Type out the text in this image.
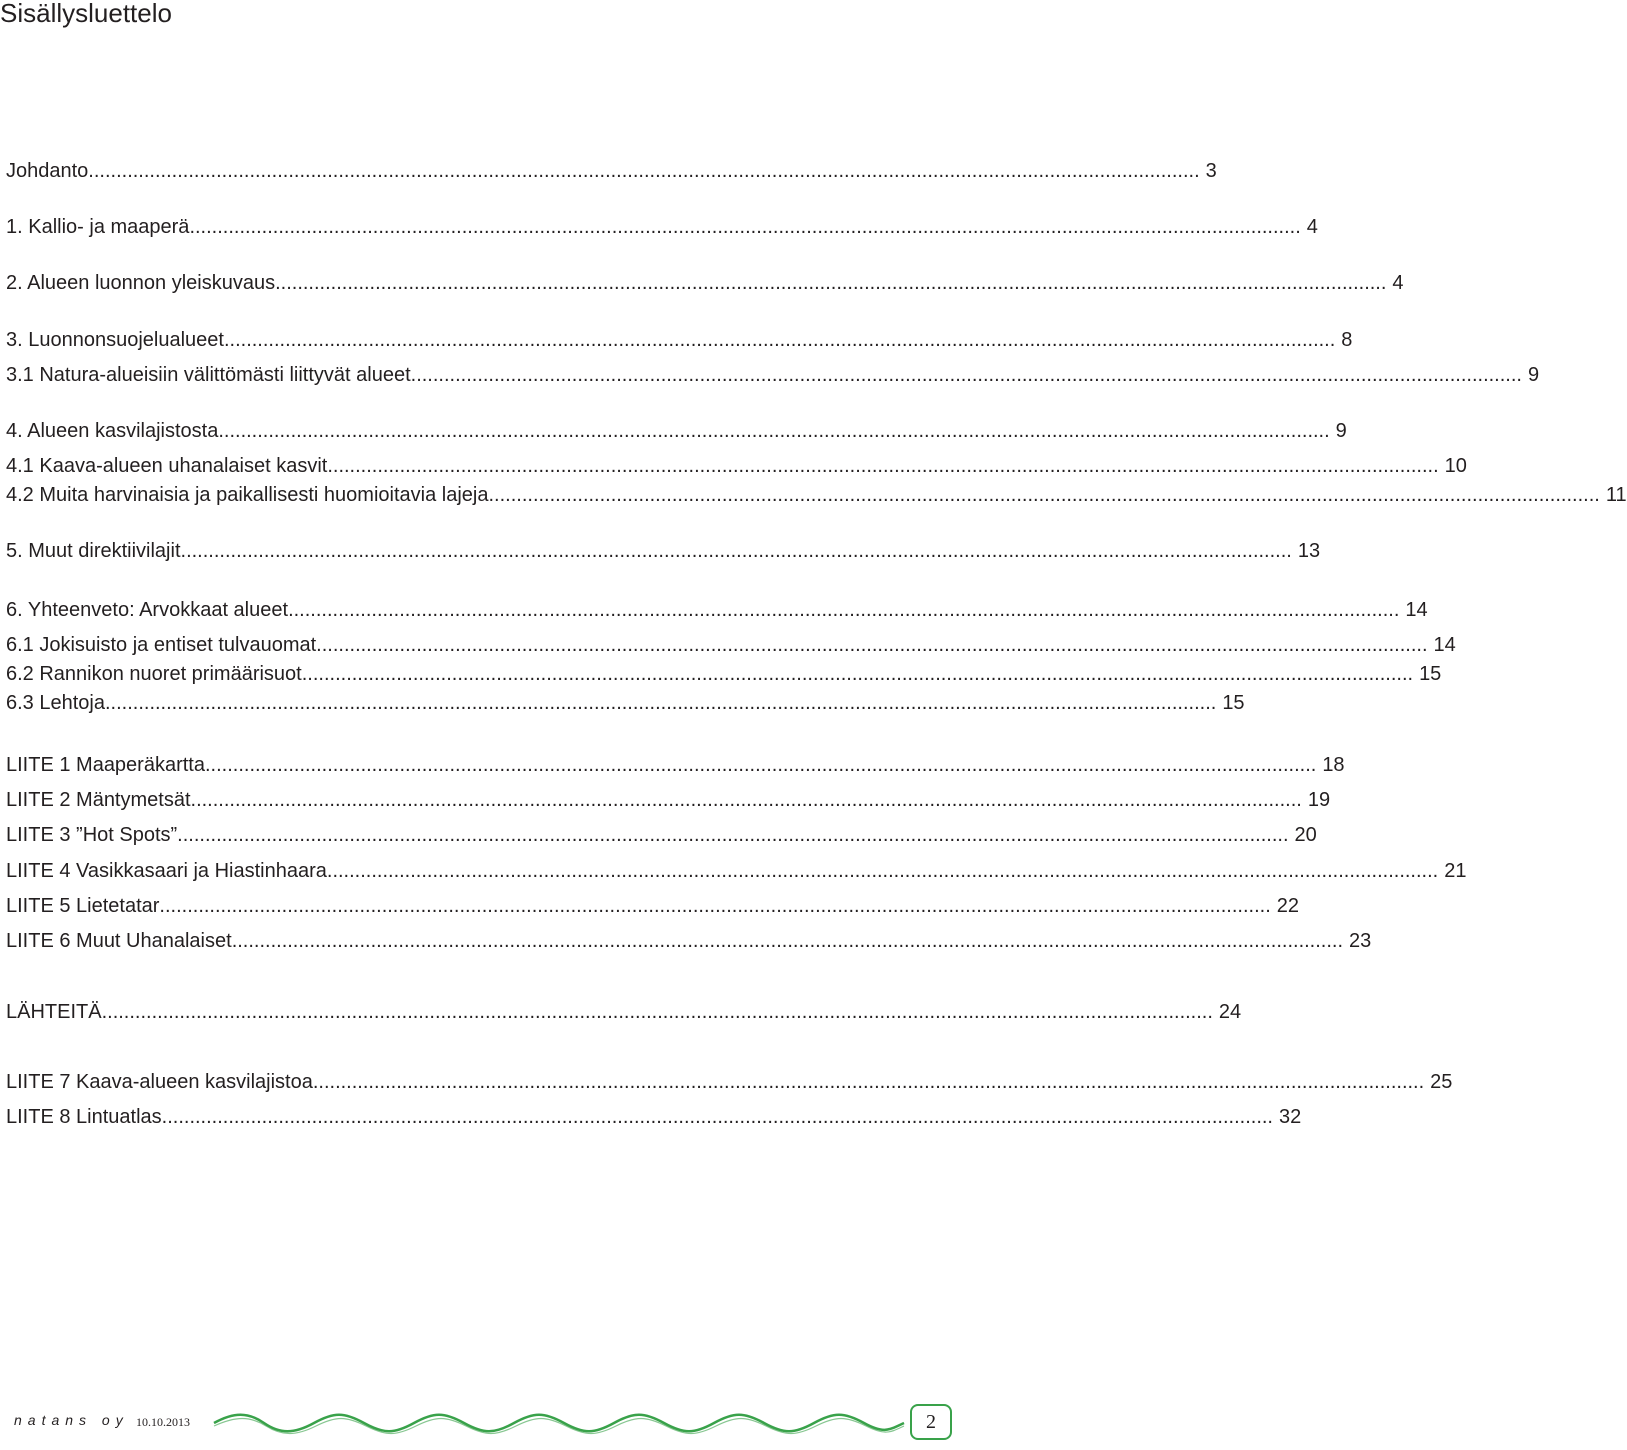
Sisällysluettelo
Johdanto ........................................................................................................................................................................................................ 3
1. Kallio- ja maaperä ........................................................................................................................................................................................................ 4
2. Alueen luonnon yleiskuvaus ........................................................................................................................................................................................................ 4
3. Luonnonsuojelualueet ........................................................................................................................................................................................................ 8
3.1 Natura-alueisiin välittömästi liittyvät alueet ........................................................................................................................................................................................................ 9
4. Alueen kasvilajistosta ........................................................................................................................................................................................................ 9
4.1 Kaava-alueen uhanalaiset kasvit ........................................................................................................................................................................................................ 10
4.2 Muita harvinaisia ja paikallisesti huomioitavia lajeja ........................................................................................................................................................................................................ 11
5. Muut direktiivilajit ........................................................................................................................................................................................................ 13
6. Yhteenveto: Arvokkaat alueet ........................................................................................................................................................................................................ 14
6.1 Jokisuisto ja entiset tulvauomat ........................................................................................................................................................................................................ 14
6.2 Rannikon nuoret primäärisuot ........................................................................................................................................................................................................ 15
6.3 Lehtoja ........................................................................................................................................................................................................ 15
LIITE 1 Maaperäkartta ........................................................................................................................................................................................................ 18
LIITE 2 Mäntymetsät ........................................................................................................................................................................................................ 19
LIITE 3 ”Hot Spots” ........................................................................................................................................................................................................ 20
LIITE 4 Vasikkasaari ja Hiastinhaara ........................................................................................................................................................................................................ 21
LIITE 5 Lietetatar ........................................................................................................................................................................................................ 22
LIITE 6 Muut Uhanalaiset ........................................................................................................................................................................................................ 23
LÄHTEITÄ ........................................................................................................................................................................................................ 24
LIITE 7 Kaava-alueen kasvilajistoa ........................................................................................................................................................................................................ 25
LIITE 8 Lintuatlas ........................................................................................................................................................................................................ 32
natans oy 10.10.2013	2
